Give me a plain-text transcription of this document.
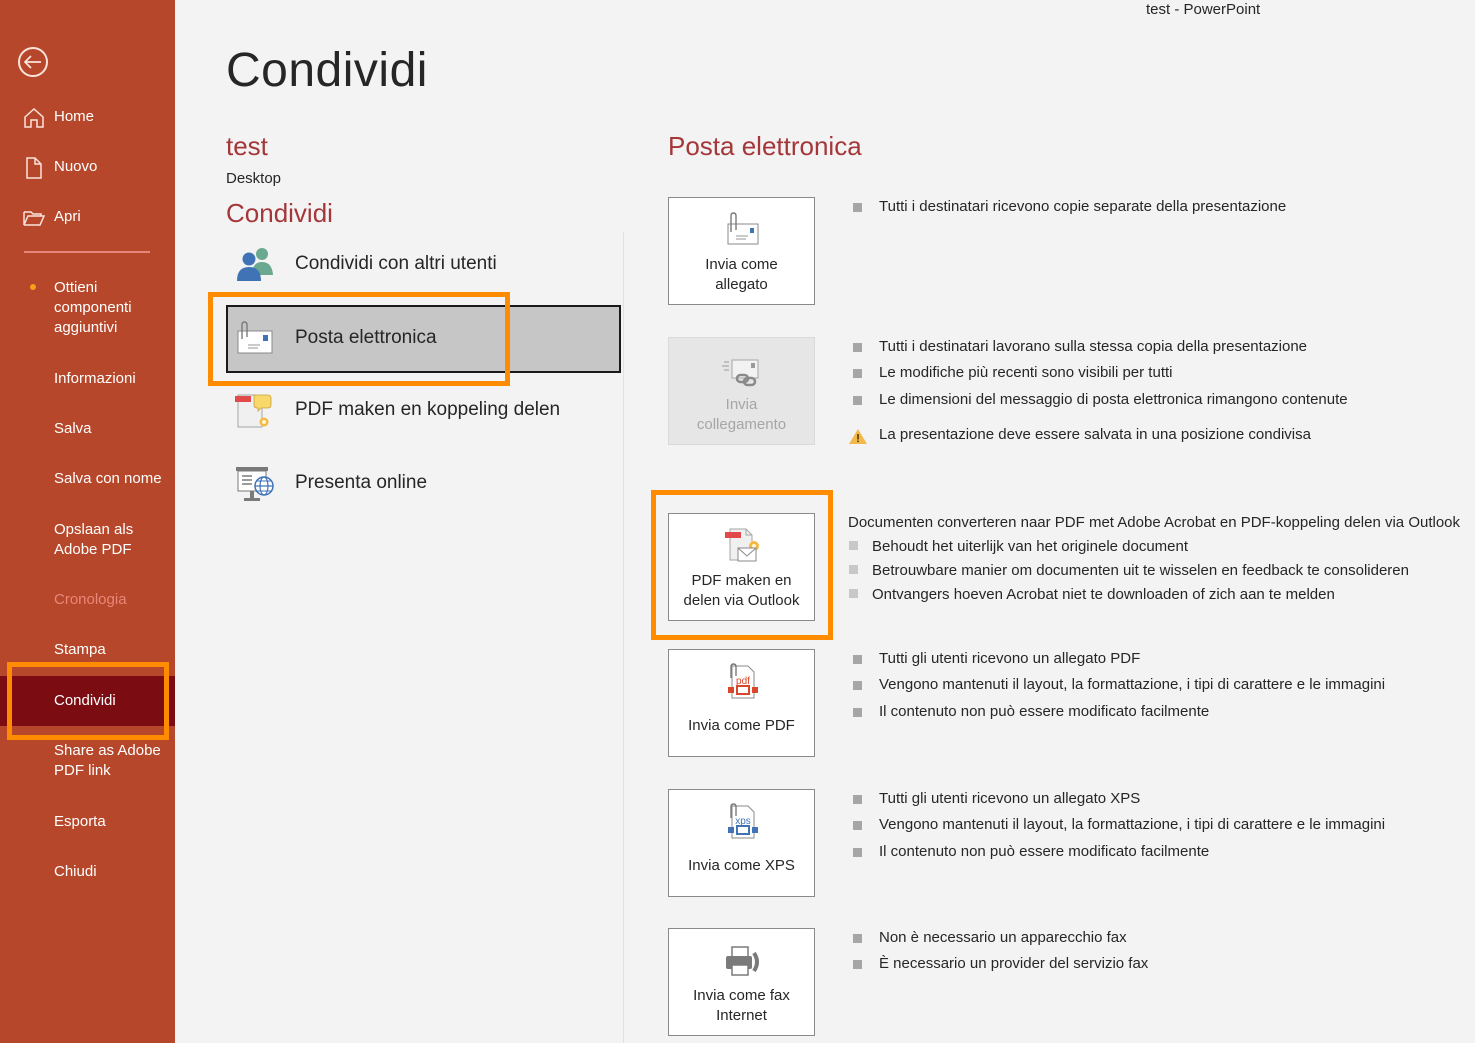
Home
Nuovo
Apri
Ottieni
componenti
aggiuntivi
Informazioni
Salva
Salva con nome
Opslaan als
Adobe PDF
Cronologia
Stampa
Condividi
Share as Adobe
PDF link
Esporta
Chiudi
test - PowerPoint
Condividi
test
Desktop
Condividi
Condividi con altri utenti
Posta elettronica
PDF maken en koppeling delen
Presenta online
Posta elettronica
Invia come
allegato
Tutti i destinatari ricevono copie separate della presentazione
Invia
collegamento
Tutti i destinatari lavorano sulla stessa copia della presentazione
Le modifiche più recenti sono visibili per tutti
Le dimensioni del messaggio di posta elettronica rimangono contenute
La presentazione deve essere salvata in una posizione condivisa
PDF maken en
delen via Outlook
Documenten converteren naar PDF met Adobe Acrobat en PDF-koppeling delen via Outlook
Behoudt het uiterlijk van het originele document
Betrouwbare manier om documenten uit te wisselen en feedback te consolideren
Ontvangers hoeven Acrobat niet te downloaden of zich aan te melden
pdf
Invia come PDF
Tutti gli utenti ricevono un allegato PDF
Vengono mantenuti il layout, la formattazione, i tipi di carattere e le immagini
Il contenuto non può essere modificato facilmente
xps
Invia come XPS
Tutti gli utenti ricevono un allegato XPS
Vengono mantenuti il layout, la formattazione, i tipi di carattere e le immagini
Il contenuto non può essere modificato facilmente
Invia come fax
Internet
Non è necessario un apparecchio fax
È necessario un provider del servizio fax
